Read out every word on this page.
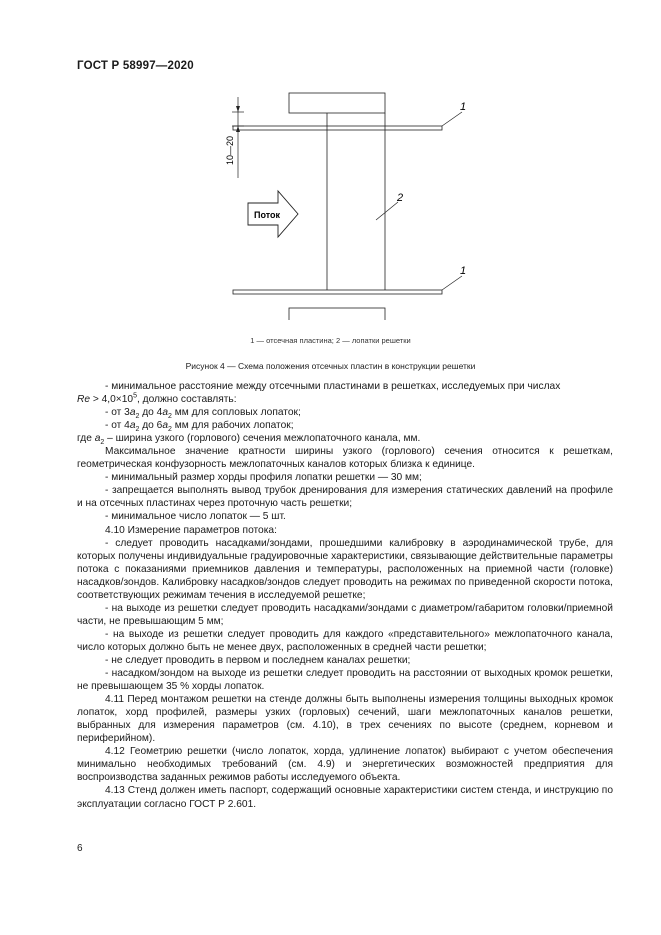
ГОСТ Р 58997—2020
10—20
Поток
1
2
1
1 — отсечная пластина; 2 — лопатки решетки
Рисунок 4 — Схема положения отсечных пластин в конструкции решетки

- минимальное расстояние между отсечными пластинами в решетках, исследуемых при числах

$Re > 4,0\times 10^5$, должно составлять:

- от $3a_2$ до $4a_2$ мм для сопловых лопаток;

- от $4a_2$ до $6a_2$ мм для рабочих лопаток;

где $a_2$ – ширина узкого (горлового) сечения межлопаточного канала, мм.

Максимальное значение кратности ширины узкого (горлового) сечения относится к решеткам, геометрическая конфузорность межлопаточных каналов которых близка к единице.

- минимальный размер хорды профиля лопатки решетки — 30 мм;

- запрещается выполнять вывод трубок дренирования для измерения статических давлений на профиле и на отсечных пластинах через проточную часть решетки;

- минимальное число лопаток — 5 шт.

4.10 Измерение параметров потока:

- следует проводить насадками/зондами, прошедшими калибровку в аэродинамической трубе, для которых получены индивидуальные градуировочные характеристики, связывающие действительные параметры потока с показаниями приемников давления и температуры, расположенных на приемной части (головке) насадков/зондов. Калибровку насадков/зондов следует проводить на режимах по приведенной скорости потока, соответствующих режимам течения в исследуемой решетке;

- на выходе из решетки следует проводить насадками/зондами с диаметром/габаритом головки/приемной части, не превышающим 5 мм;

- на выходе из решетки следует проводить для каждого «представительного» межлопаточного канала, число которых должно быть не менее двух, расположенных в средней части решетки;

- не следует проводить в первом и последнем каналах решетки;

- насадком/зондом на выходе из решетки следует проводить на расстоянии от выходных кромок решетки, не превышающем 35 % хорды лопаток.

4.11 Перед монтажом решетки на стенде должны быть выполнены измерения толщины выходных кромок лопаток, хорд профилей, размеры узких (горловых) сечений, шаги межлопаточных каналов решетки, выбранных для измерения параметров (см. 4.10), в трех сечениях по высоте (среднем, корневом и периферийном).

4.12 Геометрию решетки (число лопаток, хорда, удлинение лопаток) выбирают с учетом обеспечения минимально необходимых требований (см. 4.9) и энергетических возможностей предприятия для воспроизводства заданных режимов работы исследуемого объекта.

4.13 Стенд должен иметь паспорт, содержащий основные характеристики систем стенда, и инструкцию по эксплуатации согласно ГОСТ Р 2.601.

6
